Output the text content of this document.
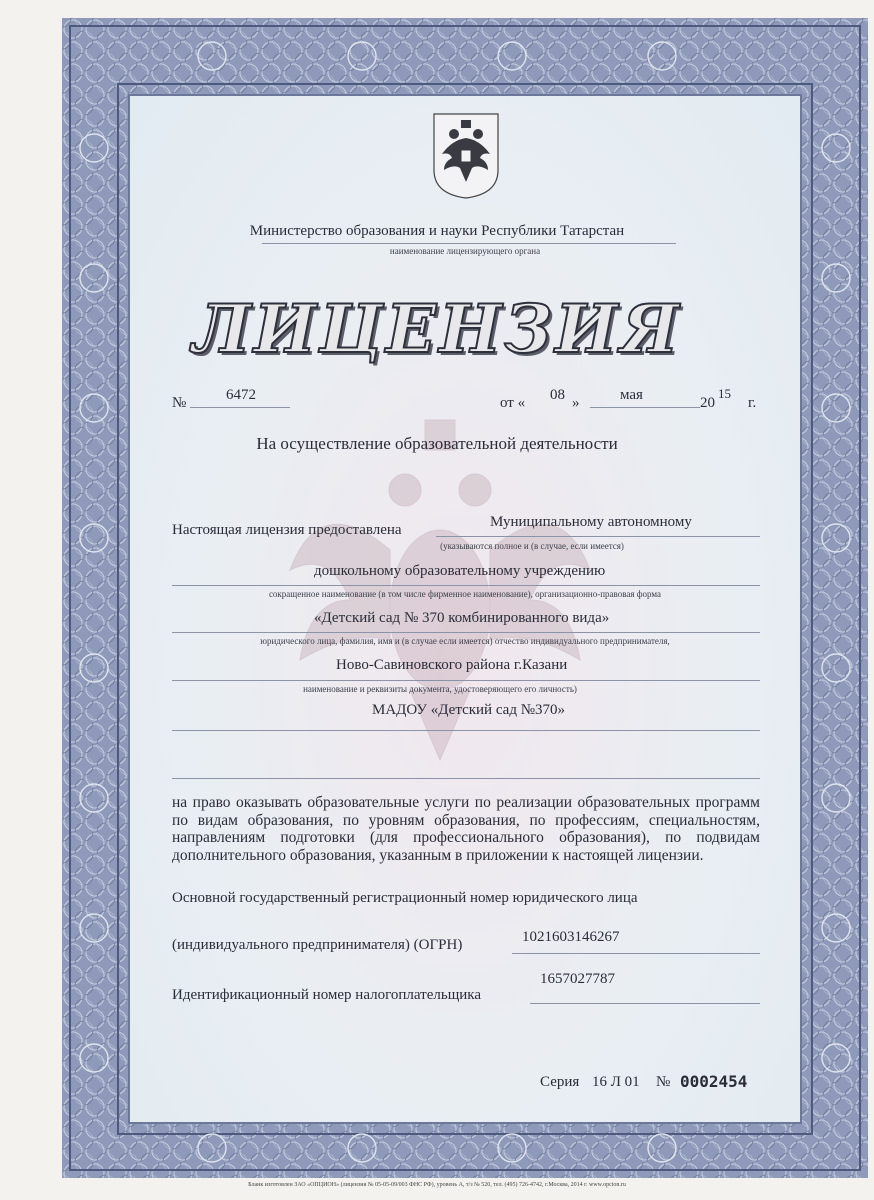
Министерство образования и науки Республики Татарстан
наименование лицензирующего органа
ЛИЦЕНЗИЯ
№	6472	от « 08 »	мая	20
15
г.
На осуществление образовательной деятельности
Настоящая лицензия предоставлена	Муниципальному автономному
(указываются полное и (в случае, если имеется)
дошкольному образовательному учреждению
сокращенное наименование (в том числе фирменное наименование), организационно-правовая форма
«Детский сад № 370 комбинированного вида»
юридического лица, фамилия, имя и (в случае если имеется) отчество индивидуального предпринимателя,
Ново-Савиновского района г.Казани
наименование и реквизиты документа, удостоверяющего его личность)
МАДОУ «Детский сад №370»
на право оказывать образовательные услуги по реализации образовательных программ по видам образования, по уровням образования, по профессиям, специальностям, направлениям подготовки (для профессионального образования), по подвидам дополнительного образования, указанным в приложении к настоящей лицензии.
Основной государственный регистрационный номер юридического лица
(индивидуального предпринимателя) (ОГРН)	1021603146267
Идентификационный номер налогоплательщика
1657027787
Серия 16 Л 01 № 0002454
Бланк изготовлен ЗАО «ОПЦИОН» (лицензия № 05-05-09/003 ФНС РФ), уровень А, т/з № 520, тел. (495) 726-4742, г.Москва, 2014 г. www.opcion.ru
